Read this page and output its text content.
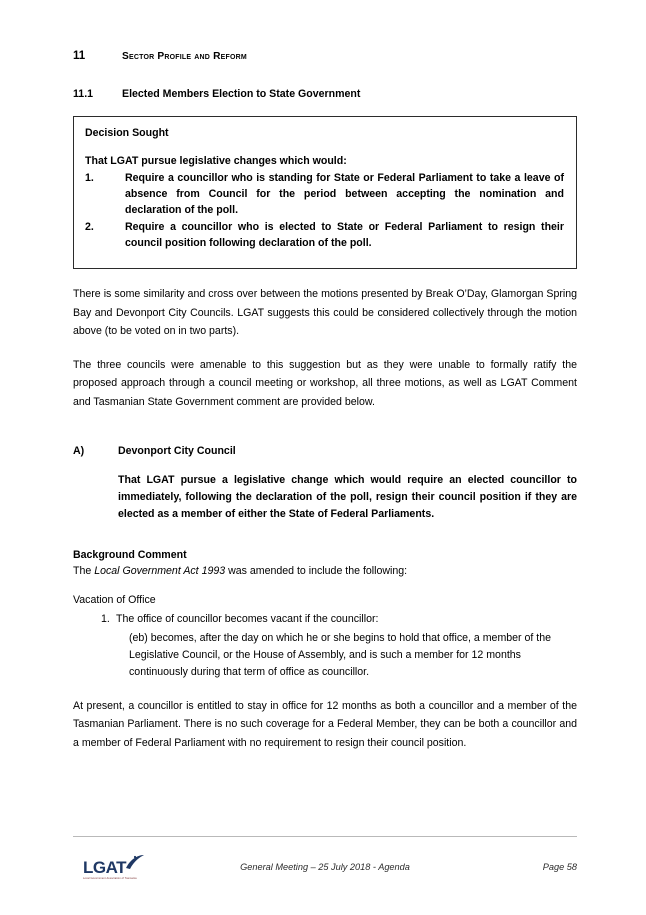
11	Sector Profile and Reform
11.1	Elected Members Election to State Government
Decision Sought
That LGAT pursue legislative changes which would:
1.	Require a councillor who is standing for State or Federal Parliament to take a leave of absence from Council for the period between accepting the nomination and declaration of the poll.
2.	Require a councillor who is elected to State or Federal Parliament to resign their council position following declaration of the poll.
There is some similarity and cross over between the motions presented by Break O’Day, Glamorgan Spring Bay and Devonport City Councils. LGAT suggests this could be considered collectively through the motion above (to be voted on in two parts).
The three councils were amenable to this suggestion but as they were unable to formally ratify the proposed approach through a council meeting or workshop, all three motions, as well as LGAT Comment and Tasmanian State Government comment are provided below.
A)	Devonport City Council
That LGAT pursue a legislative change which would require an elected councillor to immediately, following the declaration of the poll, resign their council position if they are elected as a member of either the State of Federal Parliaments.
Background Comment
The Local Government Act 1993 was amended to include the following:
Vacation of Office
1. The office of councillor becomes vacant if the councillor:
(eb) becomes, after the day on which he or she begins to hold that office, a member of the Legislative Council, or the House of Assembly, and is such a member for 12 months continuously during that term of office as councillor.
At present, a councillor is entitled to stay in office for 12 months as both a councillor and a member of the Tasmanian Parliament. There is no such coverage for a Federal Member, they can be both a councillor and a member of Federal Parliament with no requirement to resign their council position.
LGAT
Local Government Association of Tasmania
General Meeting – 25 July 2018 - Agenda	Page 58
